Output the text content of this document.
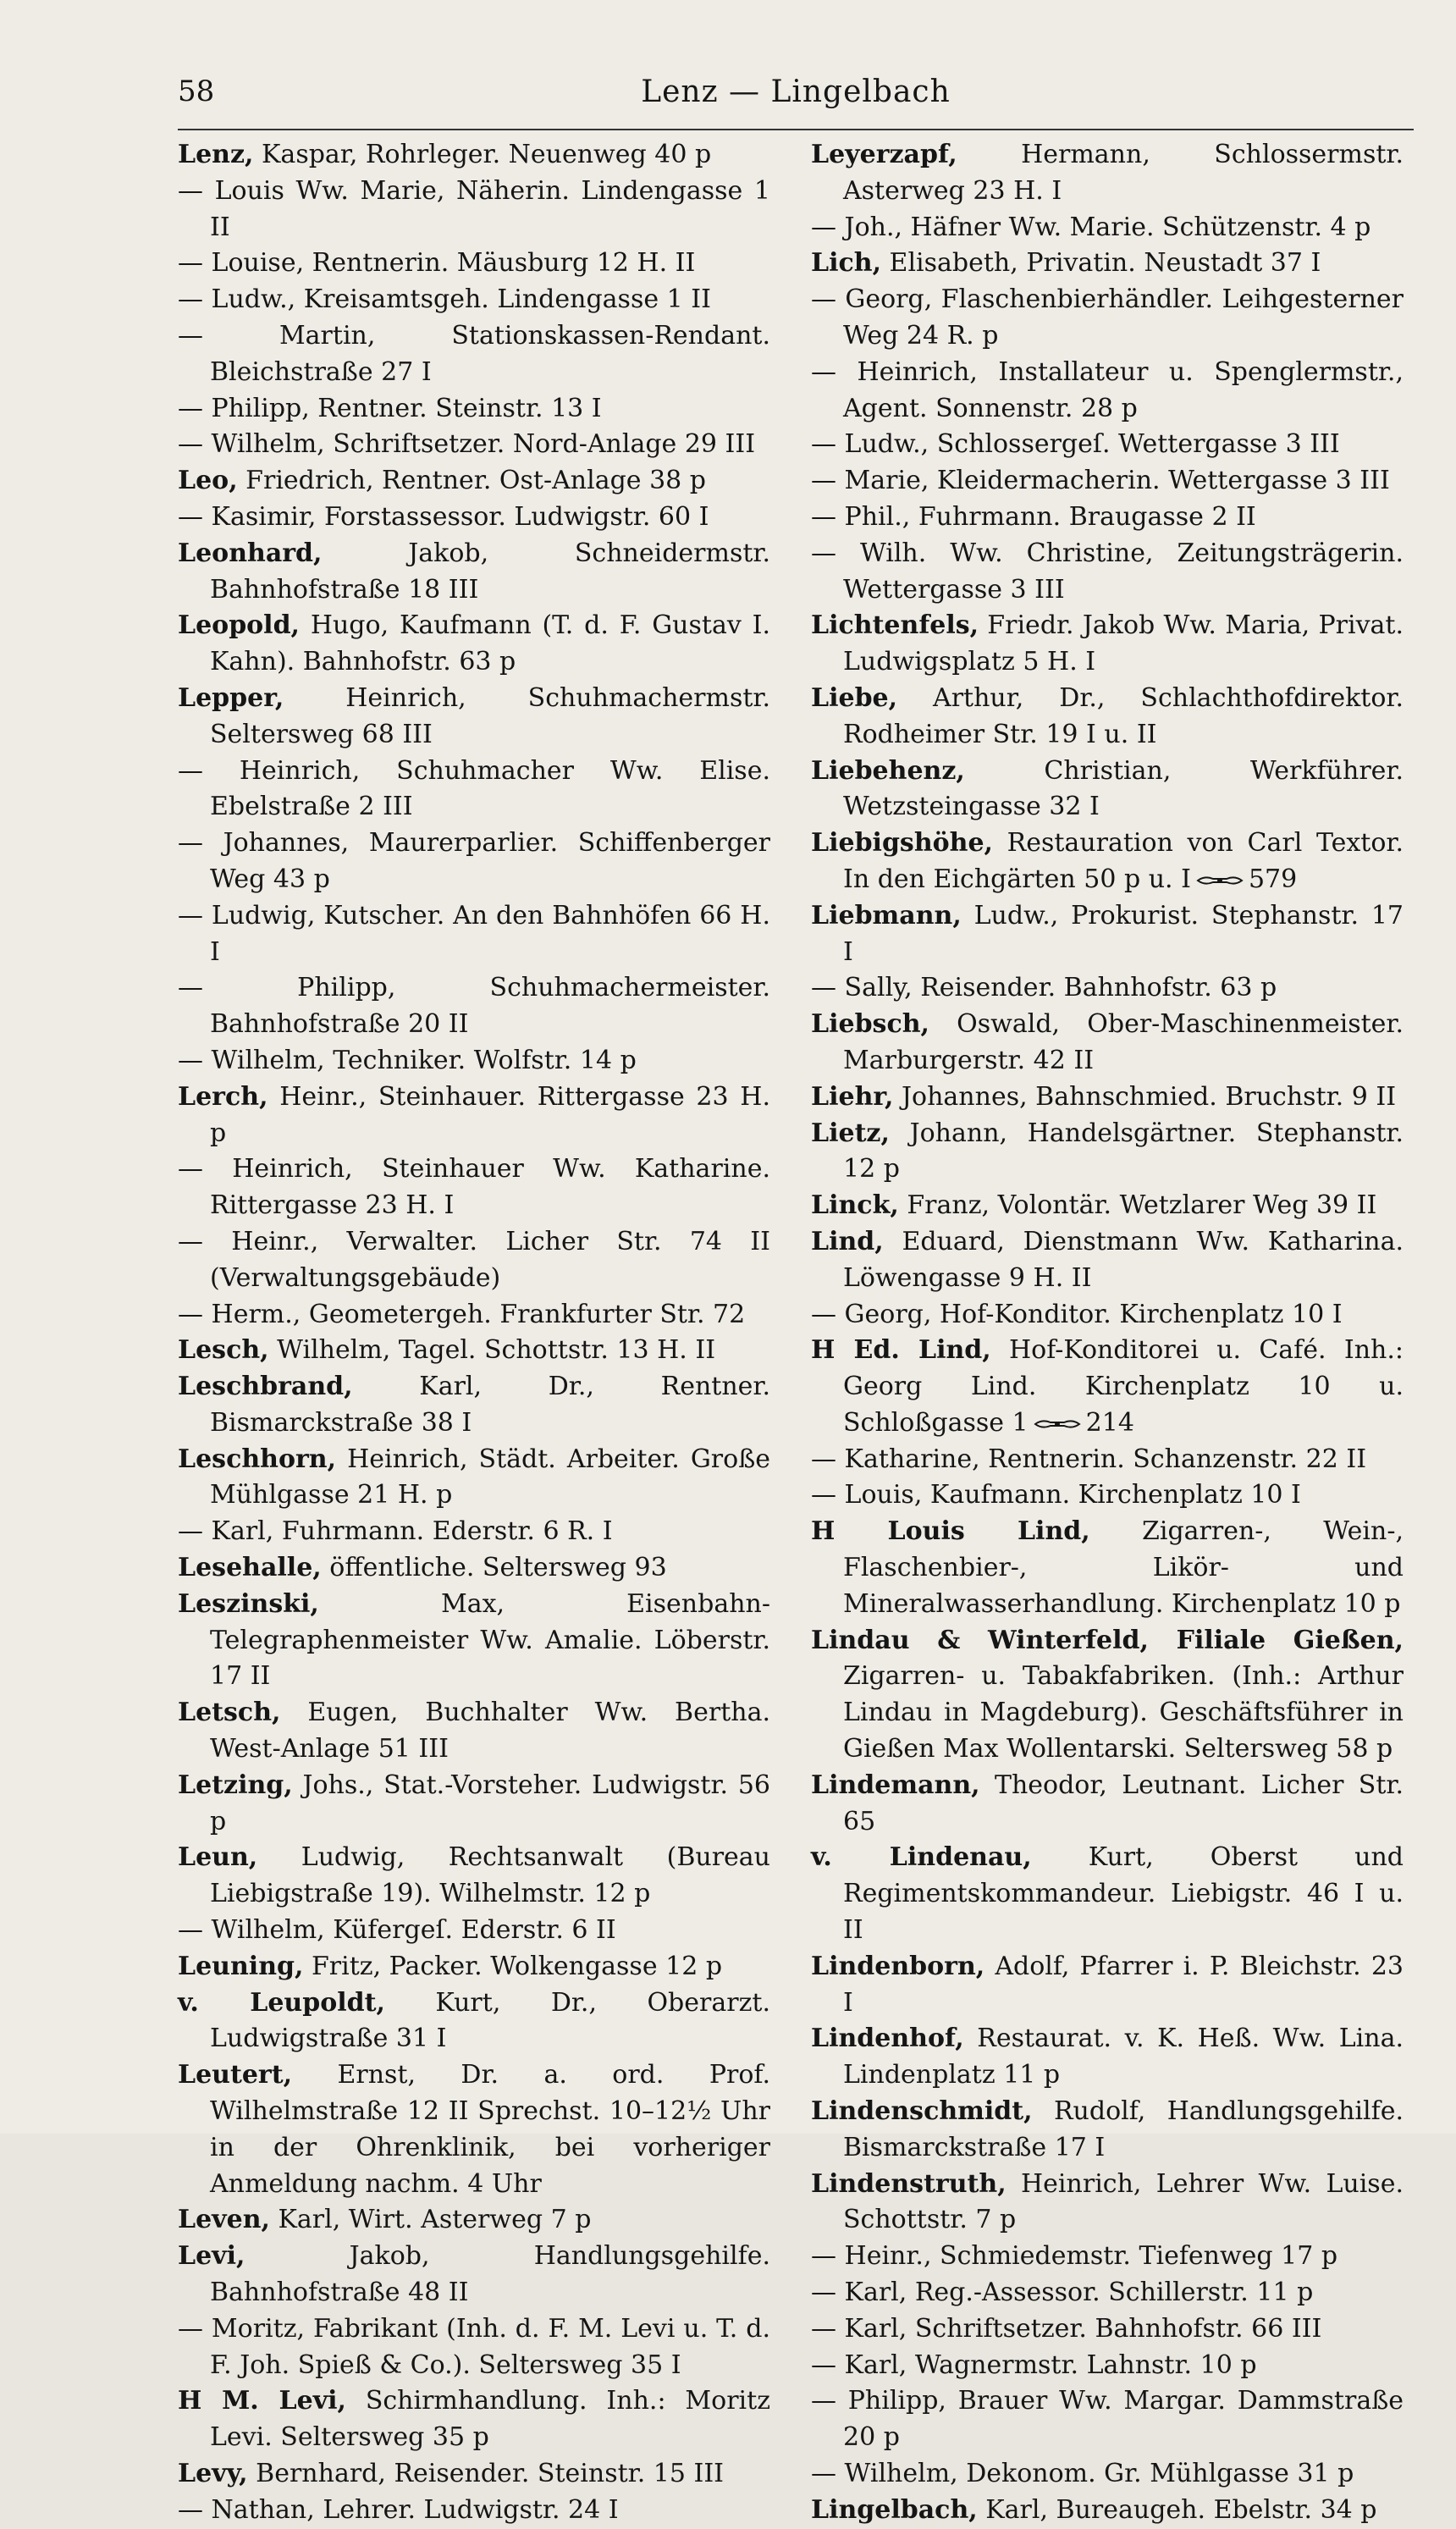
58	Lenz — Lingelbach

Lenz, Kaspar, Rohrleger. Neuenweg 40 p

— Louis Ww. Marie, Näherin. Lindengasse 1 II

— Louise, Rentnerin. Mäusburg 12 H. II

— Ludw., Kreisamtsgeh. Lindengasse 1 II

— Martin, Stationskassen-Rendant. Bleichstraße 27 I

— Philipp, Rentner. Steinstr. 13 I

— Wilhelm, Schriftsetzer. Nord-Anlage 29 III

Leo, Friedrich, Rentner. Ost-Anlage 38 p

— Kasimir, Forstassessor. Ludwigstr. 60 I

Leonhard, Jakob, Schneidermstr. Bahnhofstraße 18 III

Leopold, Hugo, Kaufmann (T. d. F. Gustav I. Kahn). Bahnhofstr. 63 p

Lepper, Heinrich, Schuhmachermstr. Seltersweg 68 III

— Heinrich, Schuhmacher Ww. Elise. Ebelstraße 2 III

— Johannes, Maurerparlier. Schiffenberger Weg 43 p

— Ludwig, Kutscher. An den Bahnhöfen 66 H. I

— Philipp, Schuhmachermeister. Bahnhofstraße 20 II

— Wilhelm, Techniker. Wolfstr. 14 p

Lerch, Heinr., Steinhauer. Rittergasse 23 H. p

— Heinrich, Steinhauer Ww. Katharine. Rittergasse 23 H. I

— Heinr., Verwalter. Licher Str. 74 II (Verwaltungsgebäude)

— Herm., Geometergeh. Frankfurter Str. 72

Lesch, Wilhelm, Tagel. Schottstr. 13 H. II

Leschbrand, Karl, Dr., Rentner. Bismarckstraße 38 I

Leschhorn, Heinrich, Städt. Arbeiter. Große Mühlgasse 21 H. p

— Karl, Fuhrmann. Ederstr. 6 R. I

Lesehalle, öffentliche. Seltersweg 93

Leszinski, Max, Eisenbahn-Telegraphenmeister Ww. Amalie. Löberstr. 17 II

Letsch, Eugen, Buchhalter Ww. Bertha. West-Anlage 51 III

Letzing, Johs., Stat.-Vorsteher. Ludwigstr. 56 p

Leun, Ludwig, Rechtsanwalt (Bureau Liebigstraße 19). Wilhelmstr. 12 p

— Wilhelm, Küfergeſ. Ederstr. 6 II

Leuning, Fritz, Packer. Wolkengasse 12 p

v. Leupoldt, Kurt, Dr., Oberarzt. Ludwigstraße 31 I

Leutert, Ernst, Dr. a. ord. Prof. Wilhelmstraße 12 II Sprechst. 10–12½ Uhr in der Ohrenklinik, bei vorheriger Anmeldung nachm. 4 Uhr

Leven, Karl, Wirt. Asterweg 7 p

Levi, Jakob, Handlungsgehilfe. Bahnhofstraße 48 II

— Moritz, Fabrikant (Inh. d. F. M. Levi u. T. d. F. Joh. Spieß & Co.). Seltersweg 35 I

H M. Levi, Schirmhandlung. Inh.: Moritz Levi. Seltersweg 35 p

Levy, Bernhard, Reisender. Steinstr. 15 III

— Nathan, Lehrer. Ludwigstr. 24 I

Leyerzapf, Hermann, Schlossermstr. Asterweg 23 H. I

— Joh., Häfner Ww. Marie. Schützenstr. 4 p

Lich, Elisabeth, Privatin. Neustadt 37 I

— Georg, Flaschenbierhändler. Leihgesterner Weg 24 R. p

— Heinrich, Installateur u. Spenglermstr., Agent. Sonnenstr. 28 p

— Ludw., Schlossergeſ. Wettergasse 3 III

— Marie, Kleidermacherin. Wettergasse 3 III

— Phil., Fuhrmann. Braugasse 2 II

— Wilh. Ww. Christine, Zeitungsträgerin. Wettergasse 3 III

Lichtenfels, Friedr. Jakob Ww. Maria, Privat. Ludwigsplatz 5 H. I

Liebe, Arthur, Dr., Schlachthofdirektor. Rodheimer Str. 19 I u. II

Liebehenz, Christian, Werkführer. Wetzsteingasse 32 I

Liebigshöhe, Restauration von Carl Textor. In den Eichgärten 50 p u. I 579

Liebmann, Ludw., Prokurist. Stephanstr. 17 I

— Sally, Reisender. Bahnhofstr. 63 p

Liebsch, Oswald, Ober-Maschinenmeister. Marburgerstr. 42 II

Liehr, Johannes, Bahnschmied. Bruchstr. 9 II

Lietz, Johann, Handelsgärtner. Stephanstr. 12 p

Linck, Franz, Volontär. Wetzlarer Weg 39 II

Lind, Eduard, Dienstmann Ww. Katharina. Löwengasse 9 H. II

— Georg, Hof-Konditor. Kirchenplatz 10 I

H Ed. Lind, Hof-Konditorei u. Café. Inh.: Georg Lind. Kirchenplatz 10 u. Schloßgasse 1 214

— Katharine, Rentnerin. Schanzenstr. 22 II

— Louis, Kaufmann. Kirchenplatz 10 I

H Louis Lind, Zigarren-, Wein-, Flaschenbier-, Likör- und Mineralwasserhandlung. Kirchenplatz 10 p

Lindau & Winterfeld, Filiale Gießen, Zigarren- u. Tabakfabriken. (Inh.: Arthur Lindau in Magdeburg). Geschäftsführer in Gießen Max Wollentarski. Seltersweg 58 p

Lindemann, Theodor, Leutnant. Licher Str. 65

v. Lindenau, Kurt, Oberst und Regimentskommandeur. Liebigstr. 46 I u. II

Lindenborn, Adolf, Pfarrer i. P. Bleichstr. 23 I

Lindenhof, Restaurat. v. K. Heß. Ww. Lina. Lindenplatz 11 p

Lindenschmidt, Rudolf, Handlungsgehilfe. Bismarckstraße 17 I

Lindenstruth, Heinrich, Lehrer Ww. Luise. Schottstr. 7 p

— Heinr., Schmiedemstr. Tiefenweg 17 p

— Karl, Reg.-Assessor. Schillerstr. 11 p

— Karl, Schriftsetzer. Bahnhofstr. 66 III

— Karl, Wagnermstr. Lahnstr. 10 p

— Philipp, Brauer Ww. Margar. Dammstraße 20 p

— Wilhelm, Dekonom. Gr. Mühlgasse 31 p

Lingelbach, Karl, Bureaugeh. Ebelstr. 34 p
